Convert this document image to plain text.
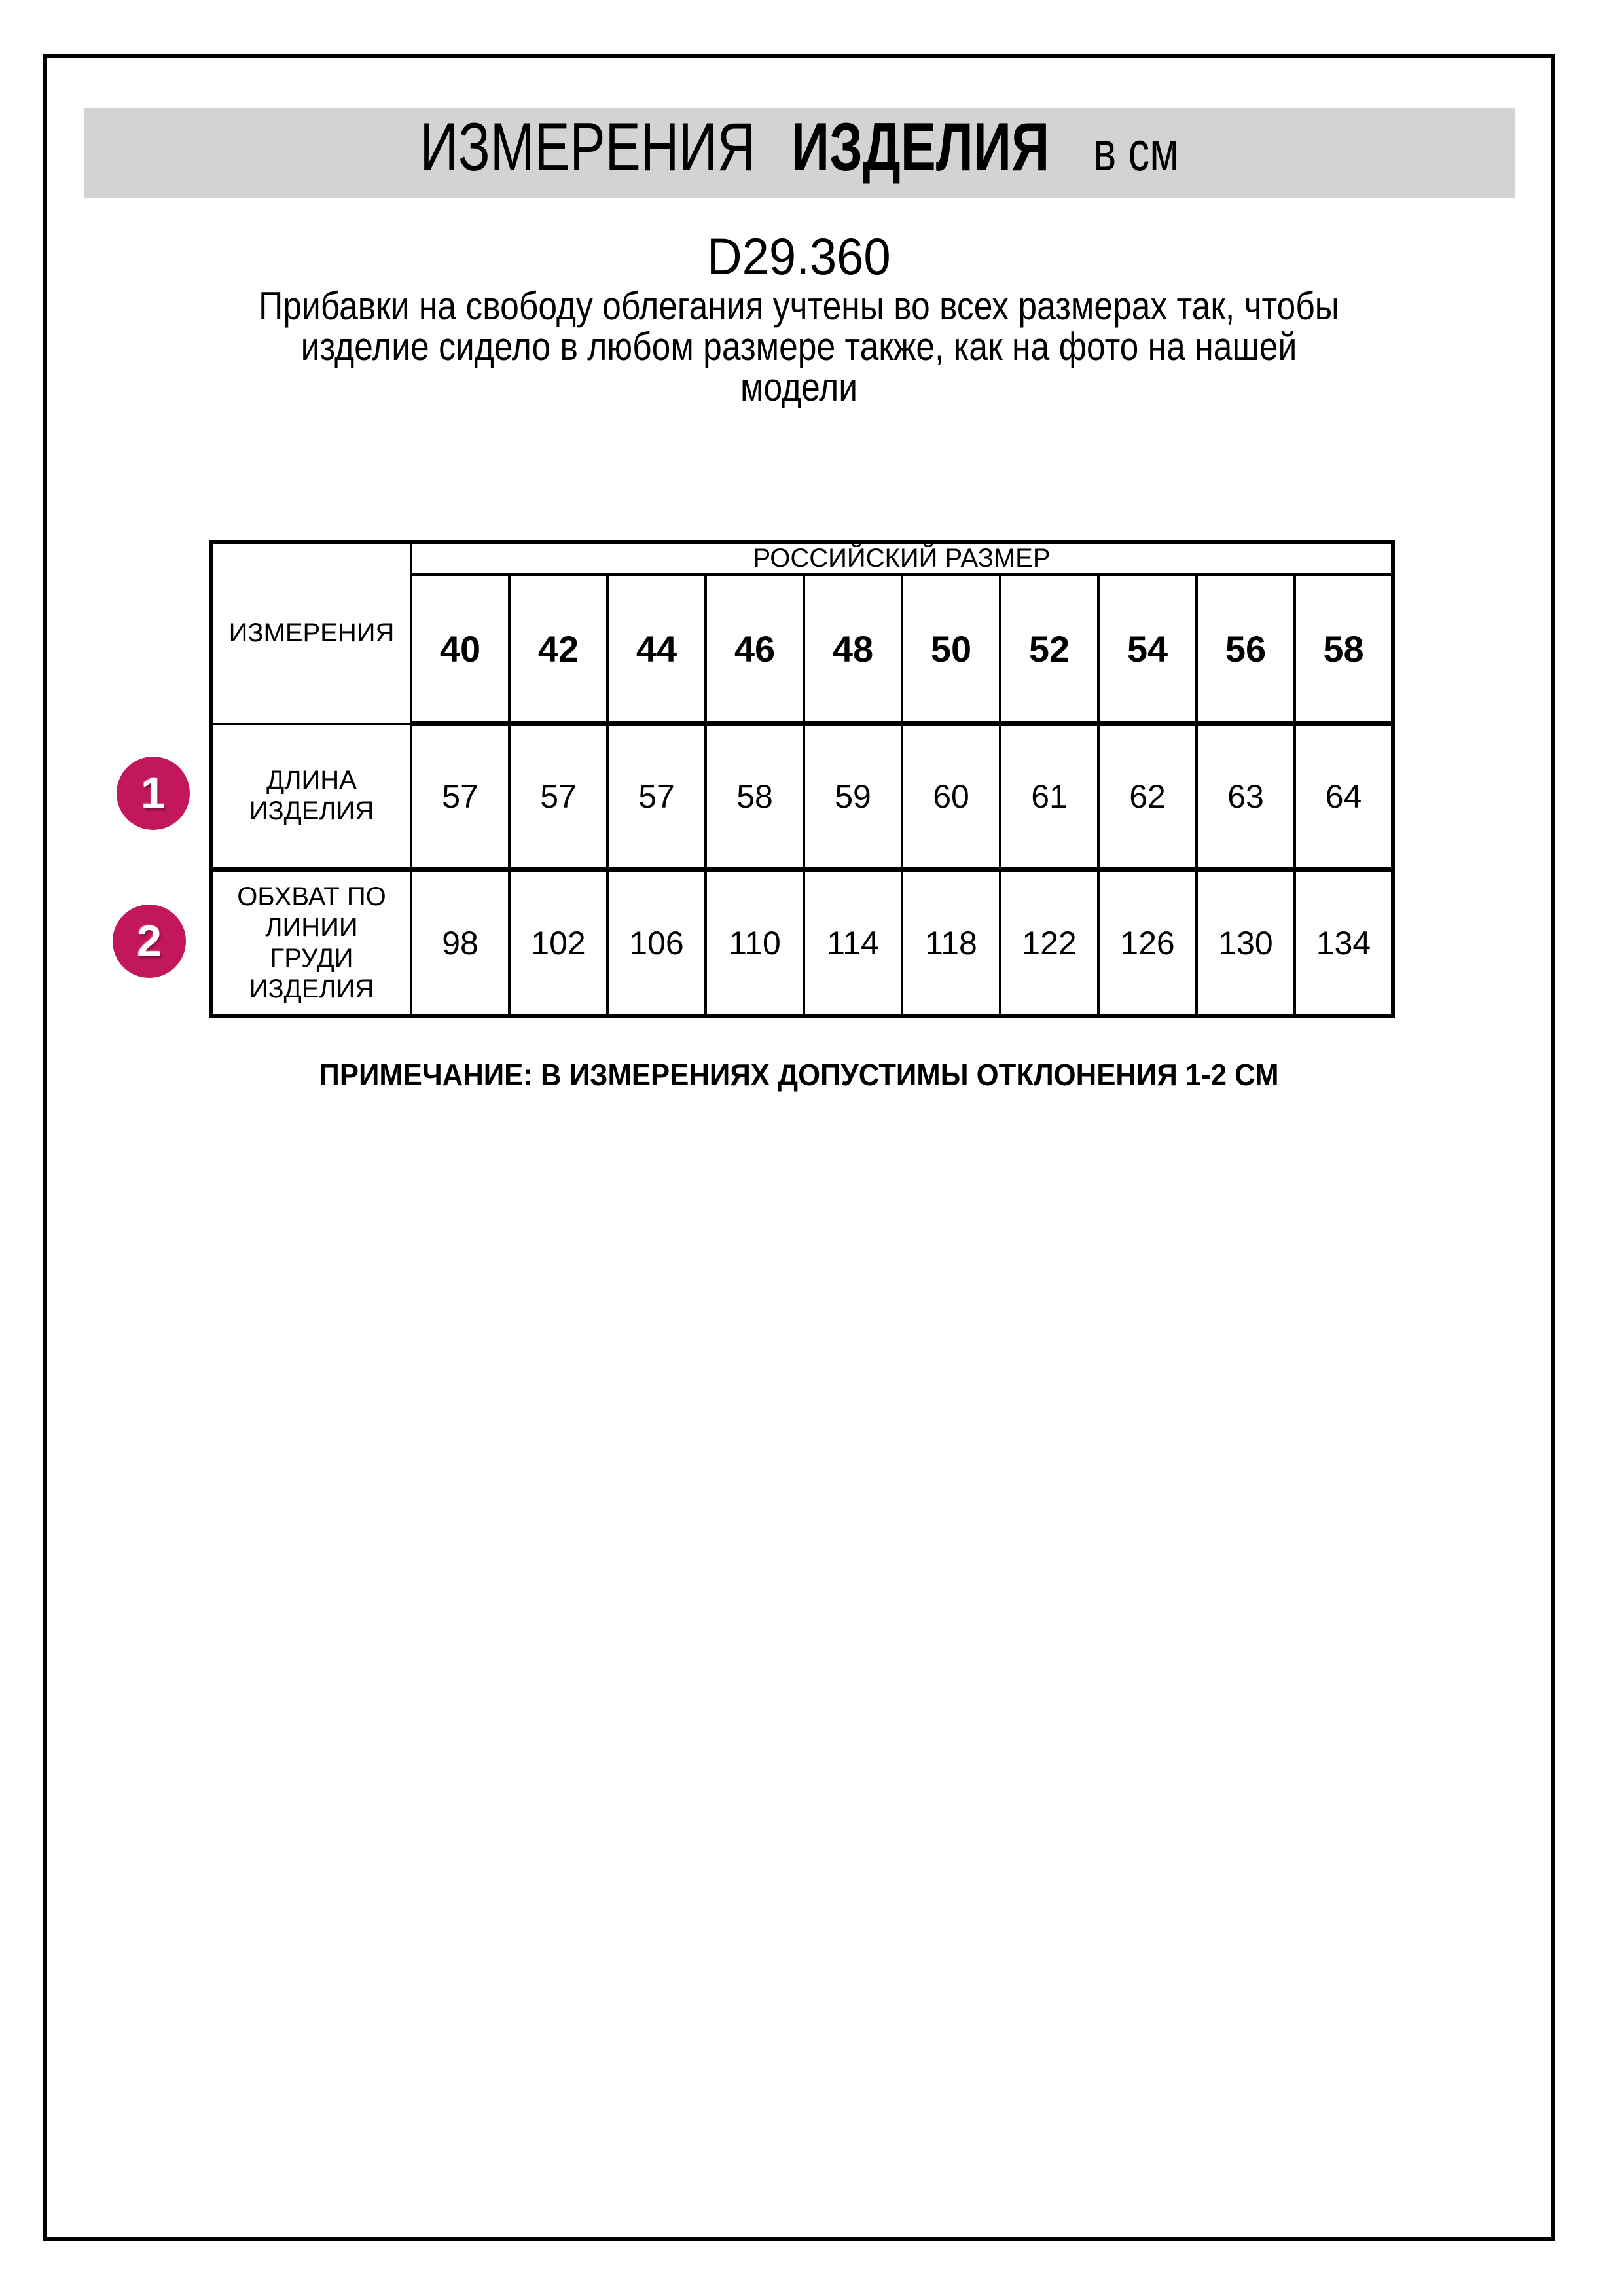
ИЗМЕРЕНИЯ ИЗДЕЛИЯ в см
D29.360
Прибавки на свободу облегания учтены во всех размерах так, чтобы
изделие сидело в любом размере также, как на фото на нашей
модели
ИЗМЕРЕНИЯ	РОССИЙСКИЙ РАЗМЕР									
	40	42	44	46	48	50	52	54	56	58

ДЛИНА
ИЗДЕЛИЯ	57	57	57	58	59	60	61	62	63	64

ОБХВАТ ПО
ЛИНИИ
ГРУДИ
ИЗДЕЛИЯ	98	102	106	110	114	118	122	126	130	134
1
2
ПРИМЕЧАНИЕ: В ИЗМЕРЕНИЯХ ДОПУСТИМЫ ОТКЛОНЕНИЯ 1-2 СМ
